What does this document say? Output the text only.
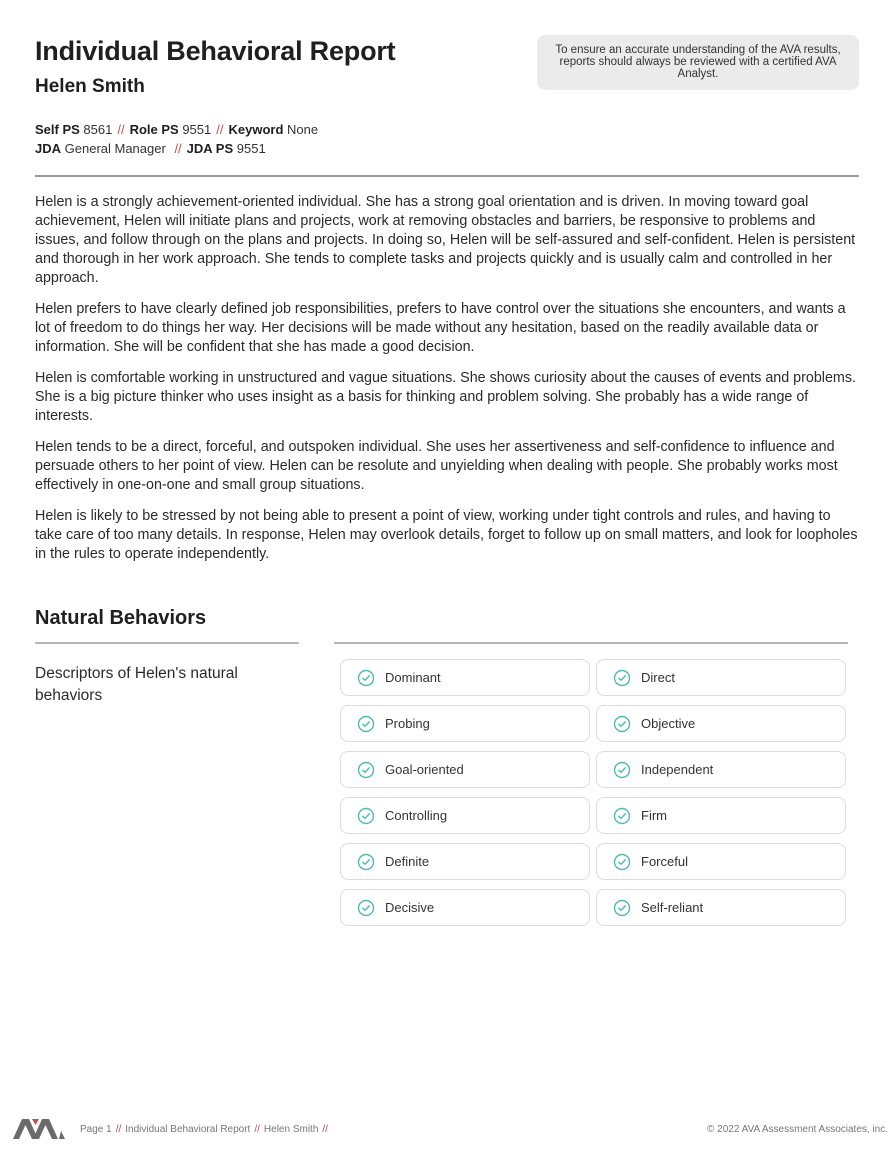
Individual Behavioral Report
Helen Smith
To ensure an accurate understanding of the AVA results, reports should always be reviewed with a certified AVA Analyst.
Self PS 8561 // Role PS 9551 // Keyword None
JDA General Manager // JDA PS 9551

Helen is a strongly achievement-oriented individual. She has a strong goal orientation and is driven. In moving toward goal achievement, Helen will initiate plans and projects, work at removing obstacles and barriers, be responsive to problems and issues, and follow through on the plans and projects. In doing so, Helen will be self-assured and self-confident. Helen is persistent and thorough in her work approach. She tends to complete tasks and projects quickly and is usually calm and controlled in her approach.

Helen prefers to have clearly defined job responsibilities, prefers to have control over the situations she encounters, and wants a lot of freedom to do things her way. Her decisions will be made without any hesitation, based on the readily available data or information. She will be confident that she has made a good decision.

Helen is comfortable working in unstructured and vague situations. She shows curiosity about the causes of events and problems. She is a big picture thinker who uses insight as a basis for thinking and problem solving. She probably has a wide range of interests.

Helen tends to be a direct, forceful, and outspoken individual. She uses her assertiveness and self-confidence to influence and persuade others to her point of view. Helen can be resolute and unyielding when dealing with people. She probably works most effectively in one-on-one and small group situations.

Helen is likely to be stressed by not being able to present a point of view, working under tight controls and rules, and having to take care of too many details. In response, Helen may overlook details, forget to follow up on small matters, and look for loopholes in the rules to operate independently.

Natural Behaviors
Descriptors of Helen's natural behaviors
Dominant	Direct
Probing	Objective
Goal-oriented	Independent
Controlling	Firm
Definite	Forceful
Decisive	Self-reliant
Page 1 // Individual Behavioral Report // Helen Smith //	© 2022 AVA Assessment Associates, inc.
